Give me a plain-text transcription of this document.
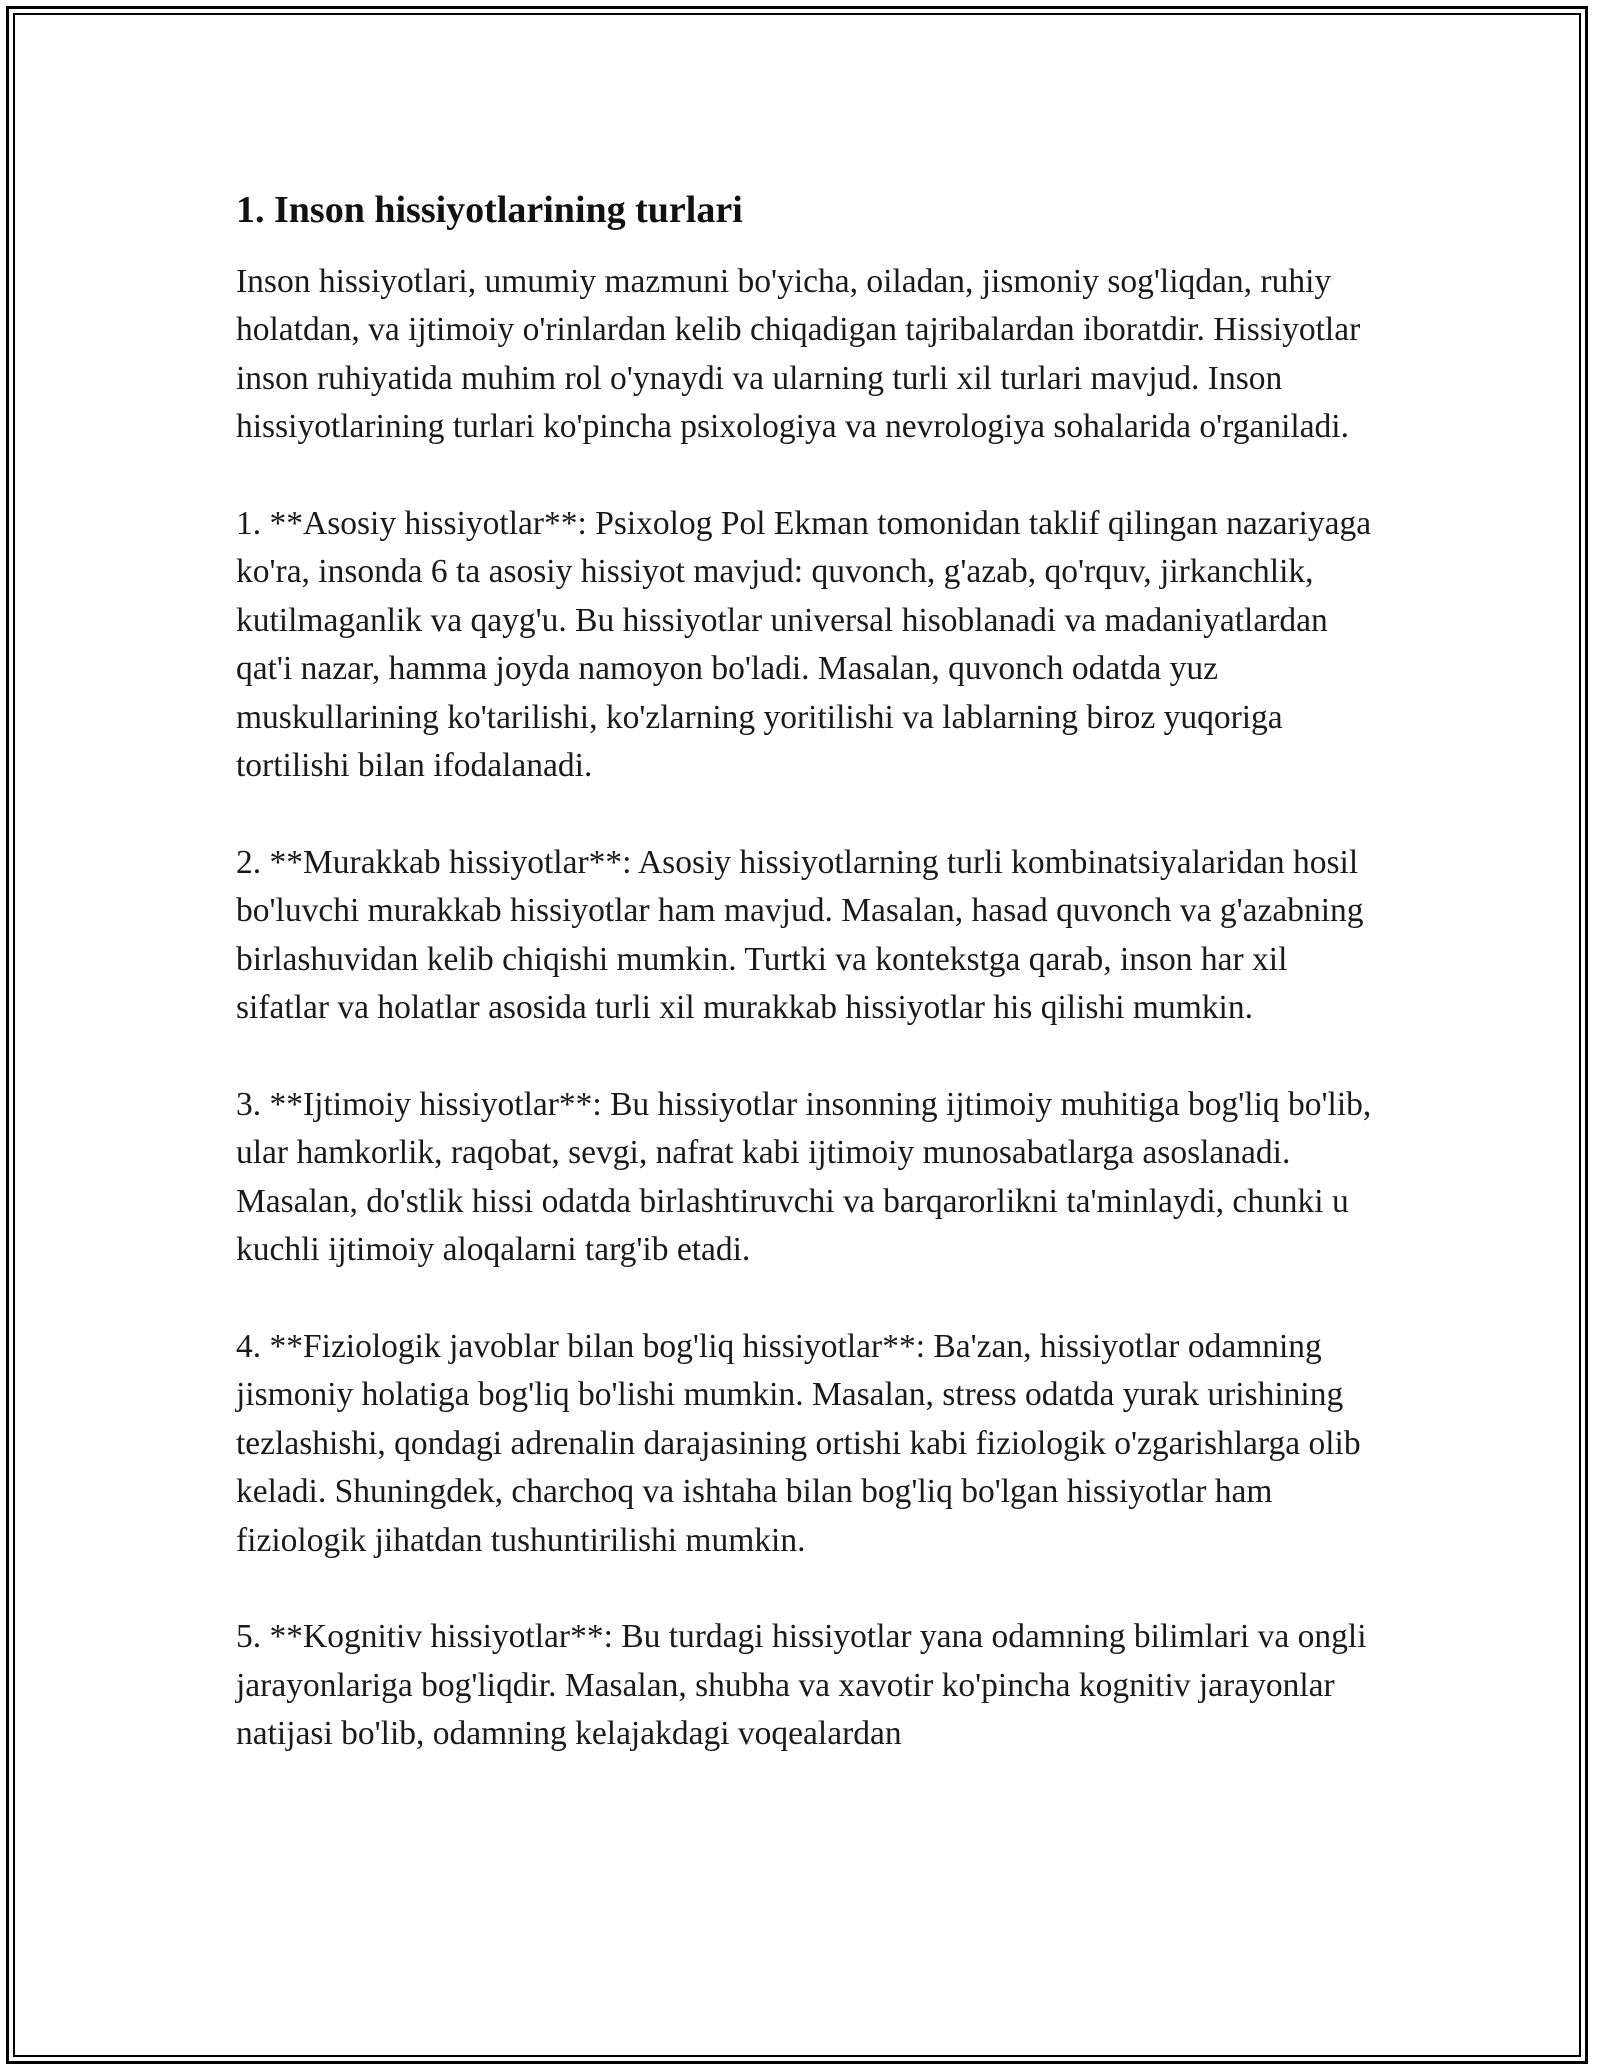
1. Inson hissiyotlarining turlari

Inson hissiyotlari, umumiy mazmuni bo'yicha, oiladan, jismoniy sog'liqdan, ruhiy holatdan, va ijtimoiy o'rinlardan kelib chiqadigan tajribalardan iboratdir. Hissiyotlar inson ruhiyatida muhim rol o'ynaydi va ularning turli xil turlari mavjud. Inson hissiyotlarining turlari ko'pincha psixologiya va nevrologiya sohalarida o'rganiladi.

1. **Asosiy hissiyotlar**: Psixolog Pol Ekman tomonidan taklif qilingan nazariyaga ko'ra, insonda 6 ta asosiy hissiyot mavjud: quvonch, g'azab, qo'rquv, jirkanchlik, kutilmaganlik va qayg'u. Bu hissiyotlar universal hisoblanadi va madaniyatlardan qat'i nazar, hamma joyda namoyon bo'ladi. Masalan, quvonch odatda yuz muskullarining ko'tarilishi, ko'zlarning yoritilishi va lablarning biroz yuqoriga tortilishi bilan ifodalanadi.

2. **Murakkab hissiyotlar**: Asosiy hissiyotlarning turli kombinatsiyalaridan hosil bo'luvchi murakkab hissiyotlar ham mavjud. Masalan, hasad quvonch va g'azabning birlashuvidan kelib chiqishi mumkin. Turtki va kontekstga qarab, inson har xil sifatlar va holatlar asosida turli xil murakkab hissiyotlar his qilishi mumkin.

3. **Ijtimoiy hissiyotlar**: Bu hissiyotlar insonning ijtimoiy muhitiga bog'liq bo'lib, ular hamkorlik, raqobat, sevgi, nafrat kabi ijtimoiy munosabatlarga asoslanadi. Masalan, do'stlik hissi odatda birlashtiruvchi va barqarorlikni ta'minlaydi, chunki u kuchli ijtimoiy aloqalarni targ'ib etadi.

4. **Fiziologik javoblar bilan bog'liq hissiyotlar**: Ba'zan, hissiyotlar odamning jismoniy holatiga bog'liq bo'lishi mumkin. Masalan, stress odatda yurak urishining tezlashishi, qondagi adrenalin darajasining ortishi kabi fiziologik o'zgarishlarga olib keladi. Shuningdek, charchoq va ishtaha bilan bog'liq bo'lgan hissiyotlar ham fiziologik jihatdan tushuntirilishi mumkin.

5. **Kognitiv hissiyotlar**: Bu turdagi hissiyotlar yana odamning bilimlari va ongli jarayonlariga bog'liqdir. Masalan, shubha va xavotir ko'pincha kognitiv jarayonlar natijasi bo'lib, odamning kelajakdagi voqealardan
